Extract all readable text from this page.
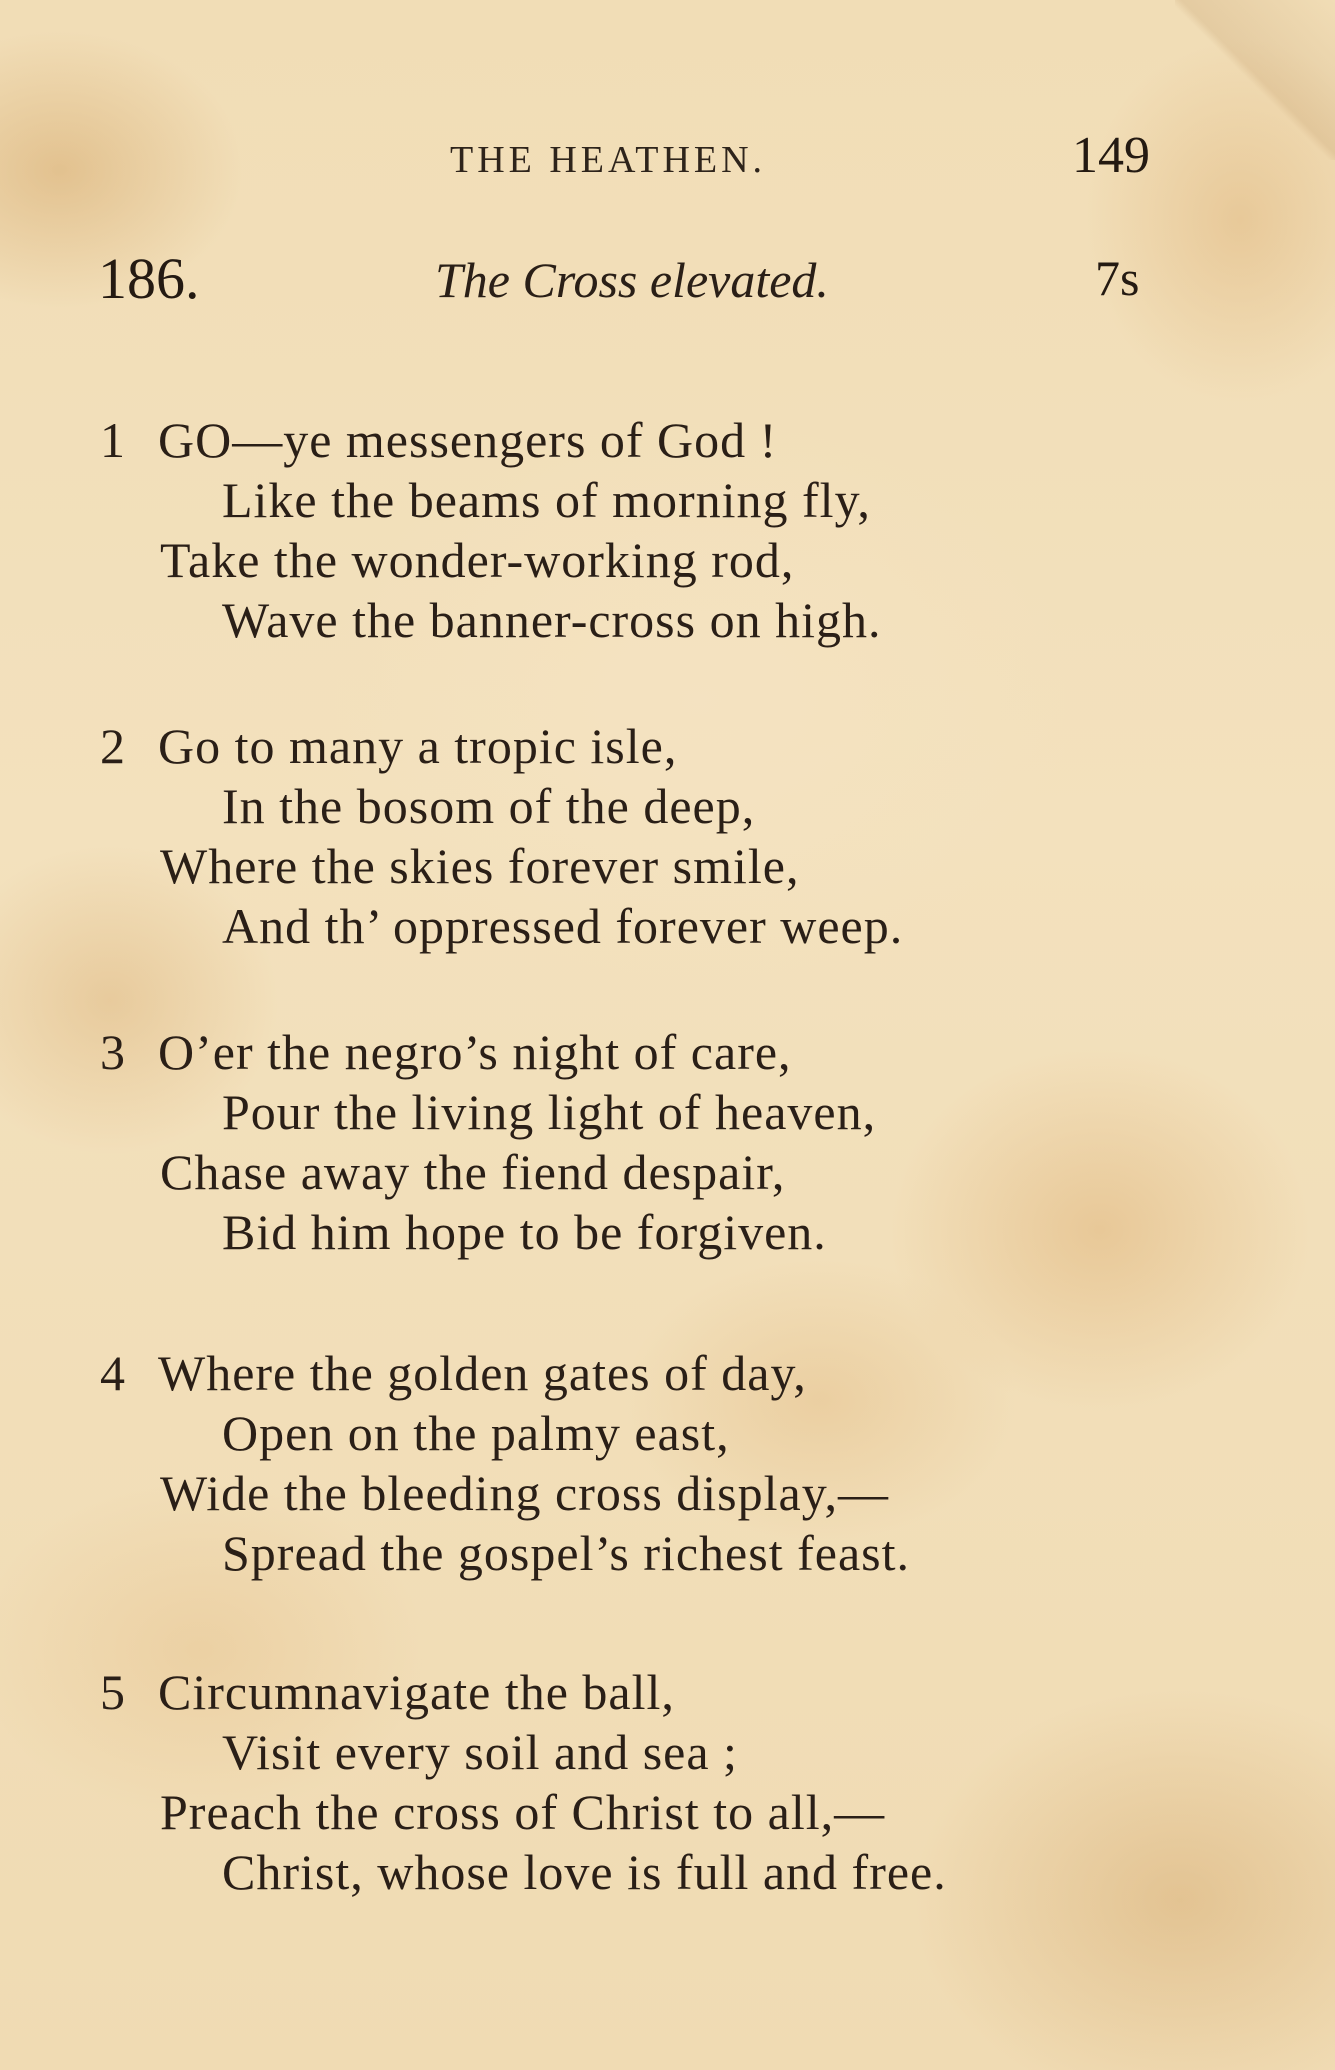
THE HEATHEN.	149
186.	The Cross elevated.	7s
1 GO—ye messengers of God !
Like the beams of morning fly,
Take the wonder-working rod,
Wave the banner-cross on high.
2 Go to many a tropic isle,
In the bosom of the deep,
Where the skies forever smile,
And th’ oppressed forever weep.
3 O’er the negro’s night of care,
Pour the living light of heaven,
Chase away the fiend despair,
Bid him hope to be forgiven.
4 Where the golden gates of day,
Open on the palmy east,
Wide the bleeding cross display,—
Spread the gospel’s richest feast.
5 Circumnavigate the ball,
Visit every soil and sea ;
Preach the cross of Christ to all,—
Christ, whose love is full and free.
